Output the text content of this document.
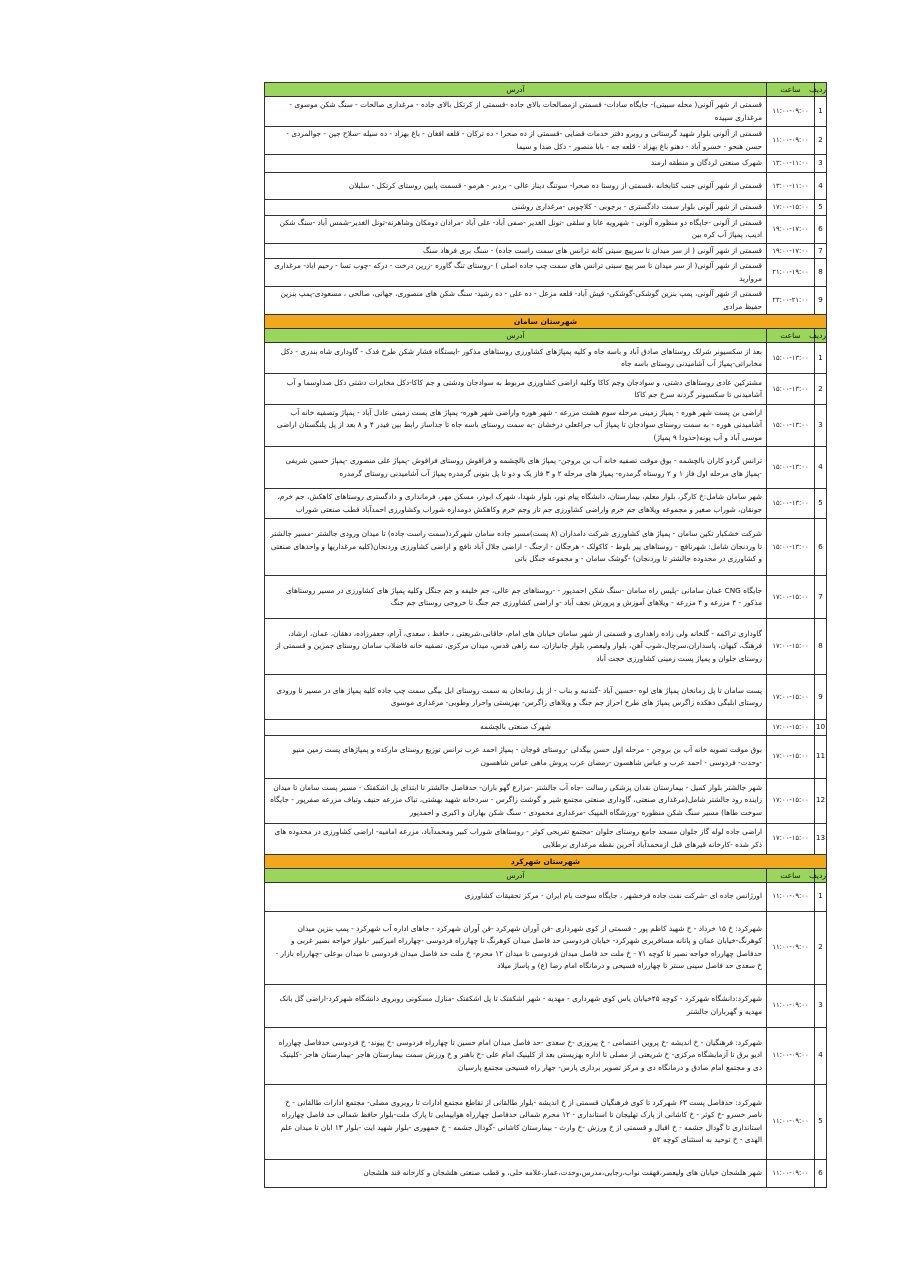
ردیف	ساعت	آدرس
1	۱۱:۰۰-۰۹:۰۰	قسمتی از شهر آلونی( محله سبیتی)- جایگاه سادات- قسمتی ازمصالحات بالای جاده -قسمتی از کرتکل بالای جاده - مرغداری صالحات - سنگ شکن موسوی - مرغداری سپیده
2	۱۱:۰۰-۰۹:۰۰	قسمتی از آلونی بلوار شهید گرستانی و روبرو دفتر خدمات قضایی -قسمتی از ده صحرا - ده ترکان - قلعه افغان - باغ بهزاد - ده سیله -سلاح جین - جوالمردی - حسن هنحو - خسرو آباد - دهنو باغ بهزاد - قلعه جه - بابا منصور - دکل صدا و سیما
3	۱۳:۰۰-۱۱:۰۰	شهرک صنعتی لردگان و منطقه ارمند
4	۱۳:۰۰-۱۱:۰۰	قسمتی از شهر آلونی جنب کتابخانه ،قسمتی از روستا ده صحرا- سوتنگ دیناز عالی - بردبر - هرمو - قسمت پایین روستای کرتکل - سلبلان
5	۱۷:۰۰-۱۵:۰۰	قسمتی از شهر آلونی بلوار سمت دادگستری - برجوبی - کلاچوبی -مرغداری روشنی
6	۱۹:۰۰-۱۷:۰۰	قسمتی از آلونی -جایگاه دو منظوره آلونی - شهرویه عابا و سلقی -تونل الغدیر -صفی آباد- علی آباد -مرادان دومکان وشاهرنه-تونل الغدیر-شمس آباد -سنگ شکن ادیب، پمپاژ آب کره بین
7	۱۹:۰۰-۱۷:۰۰	قسمتی از شهر آلونی ( از سر میدان تا سرپیچ سبتی کابه ترانس های سمت راست جاده) - سنگ بری فرهاد سنگ
8	۲۱:۰۰-۱۹:۰۰	قسمتی از شهر آلونی( از سر میدان تا سر پیچ سبتی ترانس های سمت چپ جاده اصلی ) -روستای تنگ گاوره -زرین درخت - درکه -چوب تسا - رحیم اباد- مرغداری مروارید
9	۲۳:۰۰-۲۱:۰۰	قسمتی از شهر آلونی، پمپ بنزین گوشکی-گوشکی- قیش آباد- قلعه مزعل - ده علی - ده رشید- سنگ شکن های منصوری، جهانی، صالحی ، مسعودی-پمپ بنزین حفیظ مرادی
شهرستان سامان		
ردیف	ساعت	آدرس
1	۱۵:۰۰-۱۳:۰۰	بعد از سکسیونر شرلک روستاهای صادق آباد و باسه جاه و کلیه پمپاژهای کشاورزی روستاهای مذکور -ایستگاه فشار شکن طرح فدک - گاوداری شاه بندری - دکل مخابراتی-پمپاژ آب آشامیدنی روستای باسه جاه
2	۱۵:۰۰-۱۳:۰۰	مشترکین عادی روستاهای دشتی، و سوادجان وجم کاکا وکلیه اراضی کشاورزی مربوط به سوادجان ودشتی و جم کاکا-دکل مخابرات دشتی دکل صداوسما و آب آشامیدنی تا سکسیونر گردنه سرخ جم کاکا
3	۱۵:۰۰-۱۳:۰۰	اراضی بن پست شهر هوره - پمپاژ زمینی مرحله سوم هشت مزرعه - شهر هوره واراضی شهر هوره- پمپاژ های پست زمینی عادل آباد - پمپاژ وتصفیه خانه آب آشامیدنی هوره - به سمت روستای سوادجان تا پمپاژ آب جراغعلی درخشان -به سمت روستای باسه جاه تا جداساز رابط بین فیدر ۴ و ۸ بعد از پل پلنگستان اراضی موسی آباد و آب پونه(حدودا ۹ پمپاژ)
4	۱۵:۰۰-۱۳:۰۰	ترانس گردو کاران بالچشمه - بوق موقت تصفیه خانه آب بن بروجن- پمپاژ های بالچشمه و فراقوش روستای فراقوش -پمپاژ علی منصوری -پمپاژ حسین شریفی -پمپاژ های مرحله اول فاز ۱ و ۲ روستاه گرمدره- پمپاژ های مرحله ۲ و ۳ فاز یک و دو تا پل بتونی گرمدره پمپاژ آب آشامیدنی روستای گرمدره
5	۱۵:۰۰-۱۳:۰۰	شهر سامان شامل:خ کارگر، بلوار معلم، بیمارستان، دانشگاه پیام نور، بلوار شهدا، شهرک ابوذر، مسکن مهر، فرمانداری و دادگستری روستاهای کاهکش، جم خرم، جونقان، شوراب صغیر و مجموعه ویلاهای جم خرم واراضی کشاورزی جم تاز وجم خرم وکاهکش دومداره شوراب وکشاورزی احمدآباد قطب صنعتی شوراب
6	۱۵:۰۰-۱۳:۰۰	شرکت خشکبار تکین سامان - پمپاژ های کشاورزی شرکت دامداران (۸ پست)مسیر جاده سامان شهرکرد(سمت راست جاده) تا میدان ورودی جالشتر -مسیر جالشتر تا وردنجان شامل: شهرنافچ - روستاهای پیر بلوط - کاکولک - هرجگان - ارجنگ - اراضی جلال آباد نافچ و اراضی کشاورزی وردنجان(کلیه مرغداریها و واحدهای صنعتی و کشاورزی در محدوده جالشتر تا وردنجان) -گوشک سامان - و مجموعه جنگل باتی
7	۱۷:۰۰-۱۵:۰۰	جایگاه CNG عمان سامانی -پلیس راه سامان -سنگ شکن احمدپور - -روستاهای جم عالی، جم خلیفه و جم جنگل وکلیه پمپاژ های کشاورزی در مسیر روستاهای مذکور - ۴ مزرعه و ۴ مزرعه - ویلاهای آموزش و پرورش نجف آباد -و اراضی کشاورزی جم جنگ تا خروجی روستای جم جنگ
8	۱۷:۰۰-۱۵:۰۰	گاوداری تراکمه - گلخانه ولی زاده راهداری و قسمتی از شهر سامان خیابان های امام، خاقانی،شریعتی ، حافظ ، سعدی، آرام، جعفرزاده، دهقان، عمان، ارشاد، فرهنگ، کیهان، پاسداران،سرچال،شوب آهن، بلوار ولیعصر، بلوار جانبازان، سه راهی قدس، میدان مرکزی، تصفیه خانه فاضلاب سامان روستای جمزین و قسمتی از روستای جلوان و پمپاژ پست زمینی کشاورزی حجت آباد
9	۱۷:۰۰-۱۵:۰۰	پست سامان تا پل زمانخان پمپاژ های لوه -حسین آباد -گندنبه و بناب - از پل زمانخان به سمت روستای ابل بیگی سمت چپ جاده کلیه پمپاژ های در مسیر تا ورودی روستای ابلبگی دهکده زاگرس پمپاژ های طرح احراز جم جنگ و ویلاهای زاگرس- بهزیستی واحرار وطوبی- مرغداری موسوی
10	۱۷:۰۰-۱۵:۰۰	شهرک صنعتی بالچشمه
11	۱۷:۰۰-۱۵:۰۰	بوق موقت تصویه خانه آب بن بروجن - مرحله اول حسن بیگدلی -روستای قوجان - پمپاژ احمد عرب ترانس توزیع روستای مارکده و پمپاژهای پست زمین منیو -وحدت- فردوسی - احمد عرب و عباس شاهسون -رمضان عرب پروش ماهی عباس شاهسون
12	۱۷:۰۰-۱۵:۰۰	شهر جالشتر بلوار کمیل - بیمارستان نقدان پزشکی رسالت -جاه آب جالشتر -مزارع گهو باران- حدفاصل جالشتر تا ابتدای پل اشکفتک - مسیر پست سامان تا میدان زاینده رود جالشتر شامل(مرغداری صنعتی، گاوداری صنعتی مجتمع شیر و گوشت زاگرس - سردخانه شهید بهشتی، تباک مزرعه حنیف وتباف مزرعه صفرپور - جایگاه سوخت طاها) مسیر سنگ شکن منظوره -ورزشگاه المپیک -مرغداری محمودی - سنگ شکن بهاران و اکبری و احمدپور
13	۱۷:۰۰-۱۵:۰۰	اراضی جاده لوله گاز جلوان مسجد جامع روستای جلوان -مجتمع تفریحی کوثر - روستاهای شوراب کبیر ومحمدآباد، مزرعه امامیه- اراضی کشاورزی در محدوده های ذکر شده -کارخانه قیرهای قبل ازمحمدآباد آخرین نقطه مرغداری برطلایی
شهرستان شهرکرد		
ردیف	ساعت	آدرس
1	۱۱:۰۰-۰۹:۰۰	اورژانس جاده ای -شرکت نفت جاده فرخشهر ، جایگاه سوخت بام ایران - مرکز تحقیقات کشاورزی
2	۱۱:۰۰-۰۹:۰۰	شهرکرد: خ ۱۵ خرداد - خ شهید کاظم پور - قسمتی از کوی شهرداری -قن آوران شهرکرد -قن آوران شهرکرد - جاهای اداره آب شهرکرد - پمپ بنزین میدان کوهرنگ-خیابان عمان و پانانه مسافربری شهرکرد- خیابان فردوسی حد فاصل میدان کوهرنگ تا چهارراه فردوسی -چهارراه امیرکبیر -بلوار خواجه نصیر غربی و حدفاصل چهارراه خواجه نصیر تا کوچه ۷۱ - خ ملت حد فاصل میدان فردوسی تا میدان ۱۲ محرم- خ ملت حد فاصل میدان فردوسی تا میدان بوعلی -چهارراه بازار - خ سعدی حد فاصل سینی سنتر تا چهارراه فسیحی و درمانگاه امام رضا (ع) و پاساژ میلاد
3	۱۱:۰۰-۰۹:۰۰	شهرکرد:دانشگاه شهرکرد - کوچه ۴۵خیابان یاس کوی شهرداری - مهدیه - شهر اشکفتک تا پل اشکفتک -منازل مسکونی روبروی دانشگاه شهرکرد-اراضی گل بانک مهدیه و گهرباران جالشتر
4	۱۱:۰۰-۰۹:۰۰	شهرکرد: فرهنگیان - خ اندیشه -خ پروین اعتصامی - خ پیروزی -خ سعدی -حد فاصل میدان امام حسین تا چهارراه فردوسی -خ پیوند- خ فردوسی حدفاصل چهارراه ادیو برق تا آزمایشگاه مرکزی- خ شریعتی از مصلی تا اداره بهزیستی بعد از کلینیک امام علی -خ باهنر و خ ورزش سمت بیمارستان هاجر -بیمارستان هاجر -کلینیک دی و مجتمع امام صادق و درمانگاه دی و مرکز تصویر برداری پارس- جهار راه فسیحی مجتمع پارسیان
5	۱۱:۰۰-۰۹:۰۰	شهرکرد: حدفاصل پست ۶۳ شهرکرد تا کوی فرهنگیان قسمتی از خ اندیشه -بلوار طالقانی از تقاطع مجتمع ادارات تا روبروی مصلی- مجتمع ادارات طالقانی - خ ناصر خسرو -خ کوثر - خ کاشانی از پارک تهلیجان تا استانداری - ۱۲ محرم شمالی حدفاصل چهارراه هوایپمایی تا پارک ملت-بلوار حافظ شمالی حد فاصل چهارراه استانداری تا گودال جشمه - خ اقبال و قسمتی از خ ورزش -خ وارث - بیمارستان کاشانی -گودال جشمه - خ جمهوری -بلوار شهید ایت -بلوار ۱۳ ابان تا میدان علم الهدی - خ توحید به استثنای کوچه ۵۲
6	۱۱:۰۰-۰۹:۰۰	شهر هلشجان خیابان های ولیعصر،فهفت نواب،رجایی،مدرس،وحدت،عمار،علامه حلی، و قطب صنعتی هلشجان و کارخانه قند هلشجان
